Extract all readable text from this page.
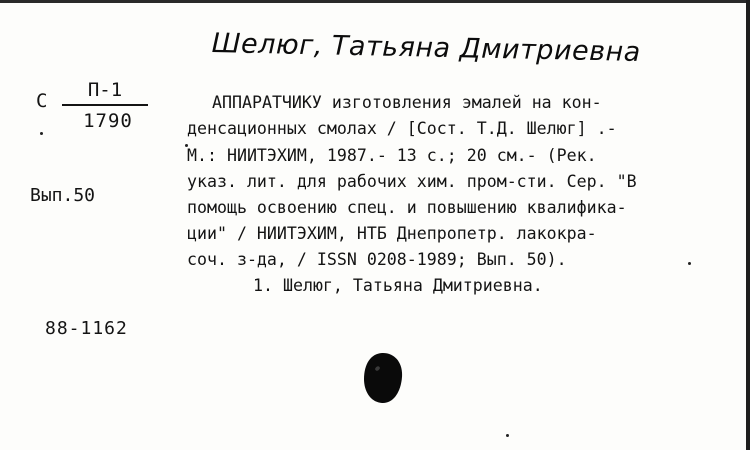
Шелюг, Татьяна Дмитриевна
С	П-1
1790
Вып.50
88-1162
АППАРАТЧИКУ изготовления эмалей на кон-
денсационных смолах / [Сост. Т.Д. Шелюг] .-
М.: НИИТЭХИМ, 1987.- 13 с.; 20 см.- (Рек.
указ. лит. для рабочих хим. пром-сти. Сер. "В
помощь освоению спец. и повышению квалифика-
ции" / НИИТЭХИМ, НТБ Днепропетр. лакокра-
соч. з-да, / ISSN 0208-1989; Вып. 50).
1. Шелюг, Татьяна Дмитриевна.
